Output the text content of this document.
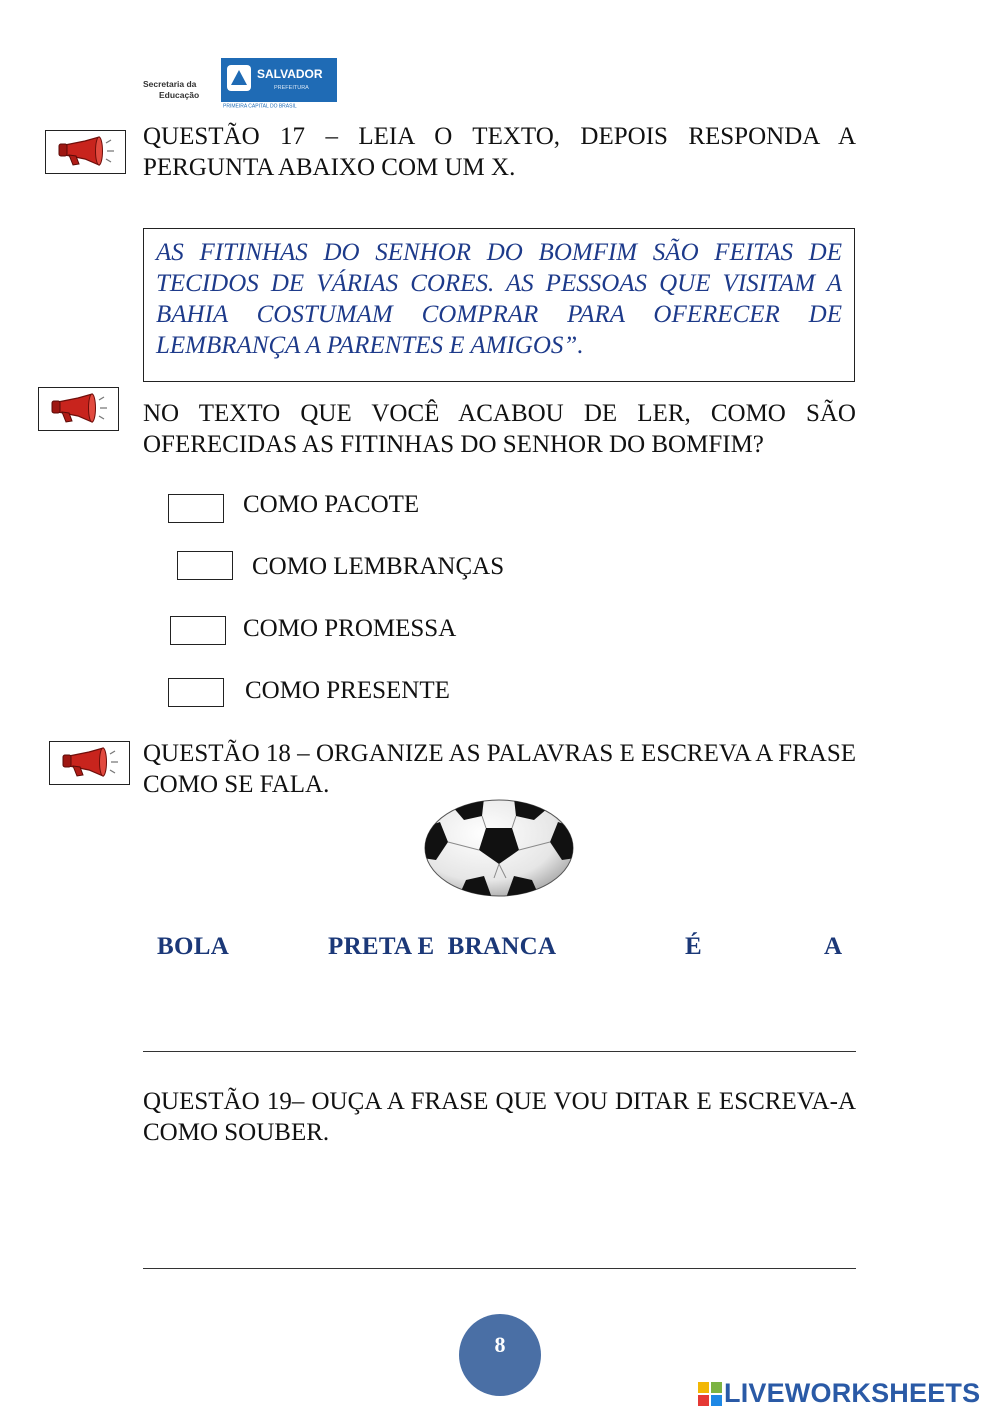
Secretaria da
Educação
SALVADOR
PREFEITURA
PRIMEIRA CAPITAL DO BRASIL
QUESTÃO 17 – LEIA O TEXTO, DEPOIS RESPONDA A PERGUNTA ABAIXO COM UM X.
AS FITINHAS DO SENHOR DO BOMFIM SÃO FEITAS DE TECIDOS DE VÁRIAS CORES. AS PESSOAS QUE VISITAM A BAHIA COSTUMAM COMPRAR PARA OFERECER DE LEMBRANÇA A PARENTES E AMIGOS”.
NO TEXTO QUE VOCÊ ACABOU DE LER, COMO SÃO OFERECIDAS AS FITINHAS DO SENHOR DO BOMFIM?
COMO PACOTE
COMO LEMBRANÇAS
COMO PROMESSA
COMO PRESENTE
QUESTÃO 18 – ORGANIZE AS PALAVRAS E ESCREVA A FRASE COMO SE FALA.
BOLA	PRETA E  BRANCA	É	A
QUESTÃO 19– OUÇA A FRASE QUE VOU DITAR E ESCREVA-A COMO SOUBER.
8
LIVEWORKSHEETS
